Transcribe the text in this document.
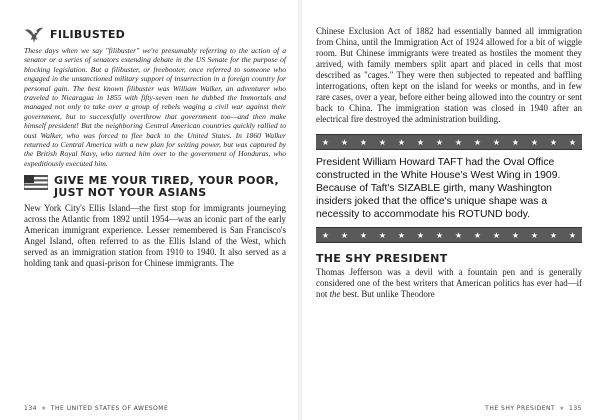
FILIBUSTED

These days when we say "filibuster" we're presumably referring to the action of a senator or a series of senators extending debate in the US Senate for the purpose of blocking legislation. But a filibuster, or freebooter, once referred to someone who engaged in the unsanctioned military support of insurrection in a foreign country for personal gain. The best known filibuster was William Walker, an adventurer who traveled to Nicaragua in 1855 with fifty-seven men he dubbed the Immortals and managed not only to take over a group of rebels waging a civil war against their government, but to successfully overthrow that government too—and then make himself president! But the neighboring Central American countries quickly rallied to oust Walker, who was forced to flee back to the United States. In 1860 Walker returned to Central America with a new plan for seizing power, but was captured by the British Royal Navy, who turned him over to the government of Honduras, who expeditiously executed him.

GIVE ME YOUR TIRED, YOUR POOR,
JUST NOT YOUR ASIANS

New York City's Ellis Island—the first stop for immigrants journeying across the Atlantic from 1892 until 1954—was an iconic part of the early American immigrant experience. Lesser remembered is San Francisco's Angel Island, often referred to as the Ellis Island of the West, which served as an immigration station from 1910 to 1940. It also served as a holding tank and quasi-prison for Chinese immigrants. The

134 ★ THE UNITED STATES OF AWESOME

Chinese Exclusion Act of 1882 had essentially banned all immigration from China, until the Immigration Act of 1924 allowed for a bit of wiggle room. But Chinese immigrants were treated as hostiles the moment they arrived, with family members split apart and placed in cells that most described as "cages." They were then subjected to repeated and baffling interrogations, often kept on the island for weeks or months, and in few rare cases, over a year, before either being allowed into the country or sent back to China. The immigration station was closed in 1940 after an electrical fire destroyed the administration building.

★ ★ ★ ★ ★ ★ ★ ★ ★ ★ ★ ★ ★ ★

President William Howard TAFT had the Oval Office constructed in the White House's West Wing in 1909. Because of Taft's SIZABLE girth, many Washington insiders joked that the office's unique shape was a necessity to accommodate his ROTUND body.

★ ★ ★ ★ ★ ★ ★ ★ ★ ★ ★ ★ ★ ★
THE SHY PRESIDENT

Thomas Jefferson was a devil with a fountain pen and is generally considered one of the best writers that American politics has ever had—if not the best. But unlike Theodore

THE SHY PRESIDENT ★ 135
